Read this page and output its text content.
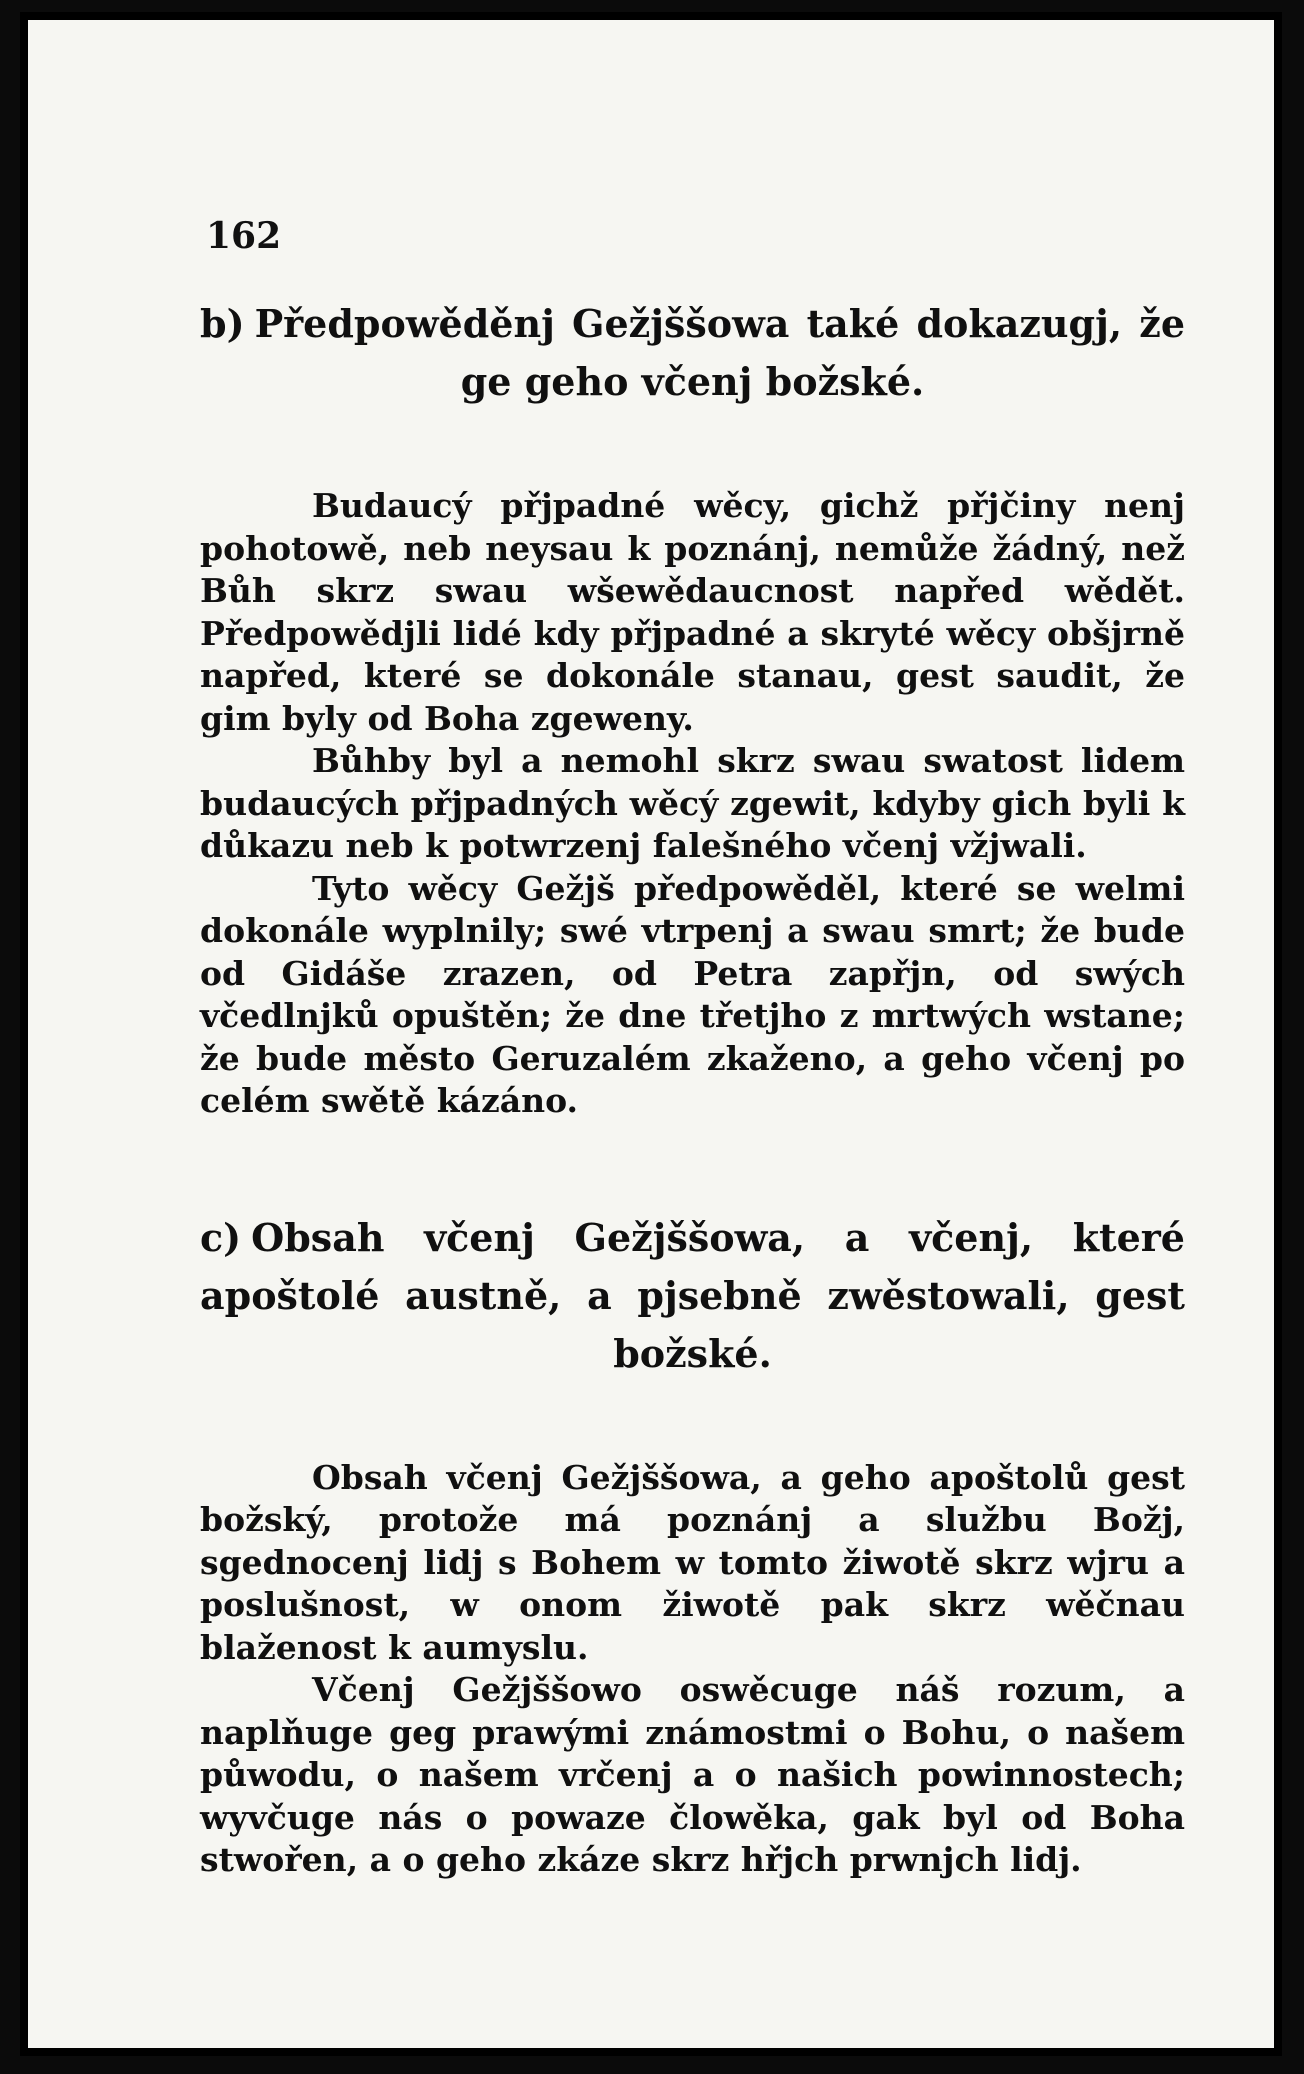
162

b) Předpowěděnj Gežjššowa také dokazugj, že ge geho včenj božské.

Budaucý přjpadné wěcy, gichž přjčiny nenj pohotowě, neb neysau k poznánj, nemůže žádný, než Bůh skrz swau wšewědaucnost napřed wědět. Předpowědjli lidé kdy přjpadné a skryté wěcy obšjrně napřed, které se dokonále stanau, gest saudit, že gim byly od Boha zgeweny.

Bůhby byl a nemohl skrz swau swatost lidem budaucých přjpadných wěcý zgewit, kdyby gich byli k důkazu neb k potwrzenj falešného včenj vžjwali.

Tyto wěcy Gežjš předpowěděl, které se welmi dokonále wyplnily; swé vtrpenj a swau smrt; že bude od Gidáše zrazen, od Petra zapřjn, od swých včedlnjků opuštěn; že dne třetjho z mrtwých wstane; že bude město Geruzalém zkaženo, a geho včenj po celém swětě kázáno.

c) Obsah včenj Gežjššowa, a včenj, které apoštolé austně, a pjsebně zwěstowali, gest božské.

Obsah včenj Gežjššowa, a geho apoštolů gest božský, protože má poznánj a službu Božj, sgednocenj lidj s Bohem w tomto žiwotě skrz wjru a poslušnost, w onom žiwotě pak skrz wěčnau blaženost k aumyslu.

Včenj Gežjššowo oswěcuge náš rozum, a naplňuge geg prawými známostmi o Bohu, o našem půwodu, o našem vrčenj a o našich powinnostech; wyvčuge nás o powaze člowěka, gak byl od Boha stwořen, a o geho zkáze skrz hřjch prwnjch lidj.
